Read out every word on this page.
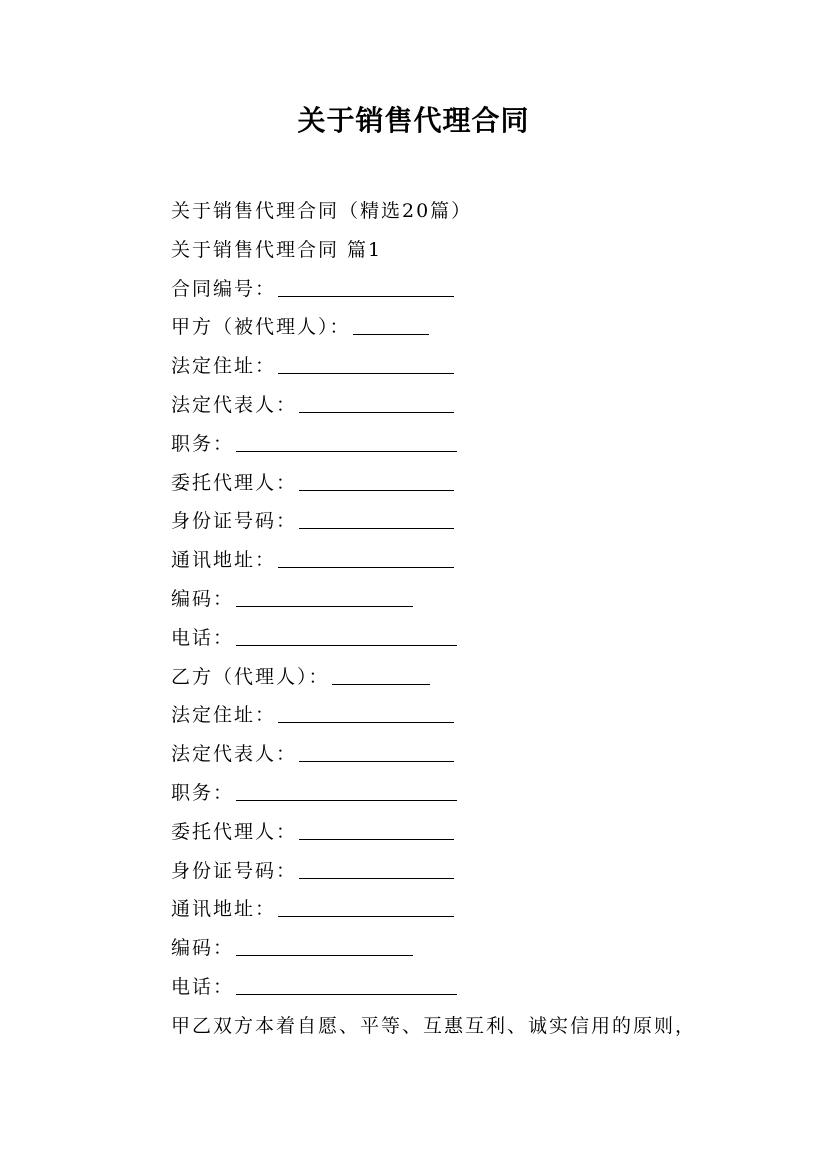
关于销售代理合同
关于销售代理合同（精选20篇）
关于销售代理合同 篇1
合同编号：
甲方（被代理人）：
法定住址：
法定代表人：
职务：
委托代理人：
身份证号码：
通讯地址：
编码：
电话：
乙方（代理人）：
法定住址：
法定代表人：
职务：
委托代理人：
身份证号码：
通讯地址：
编码：
电话：
甲乙双方本着自愿、平等、互惠互利、诚实信用的原则，
